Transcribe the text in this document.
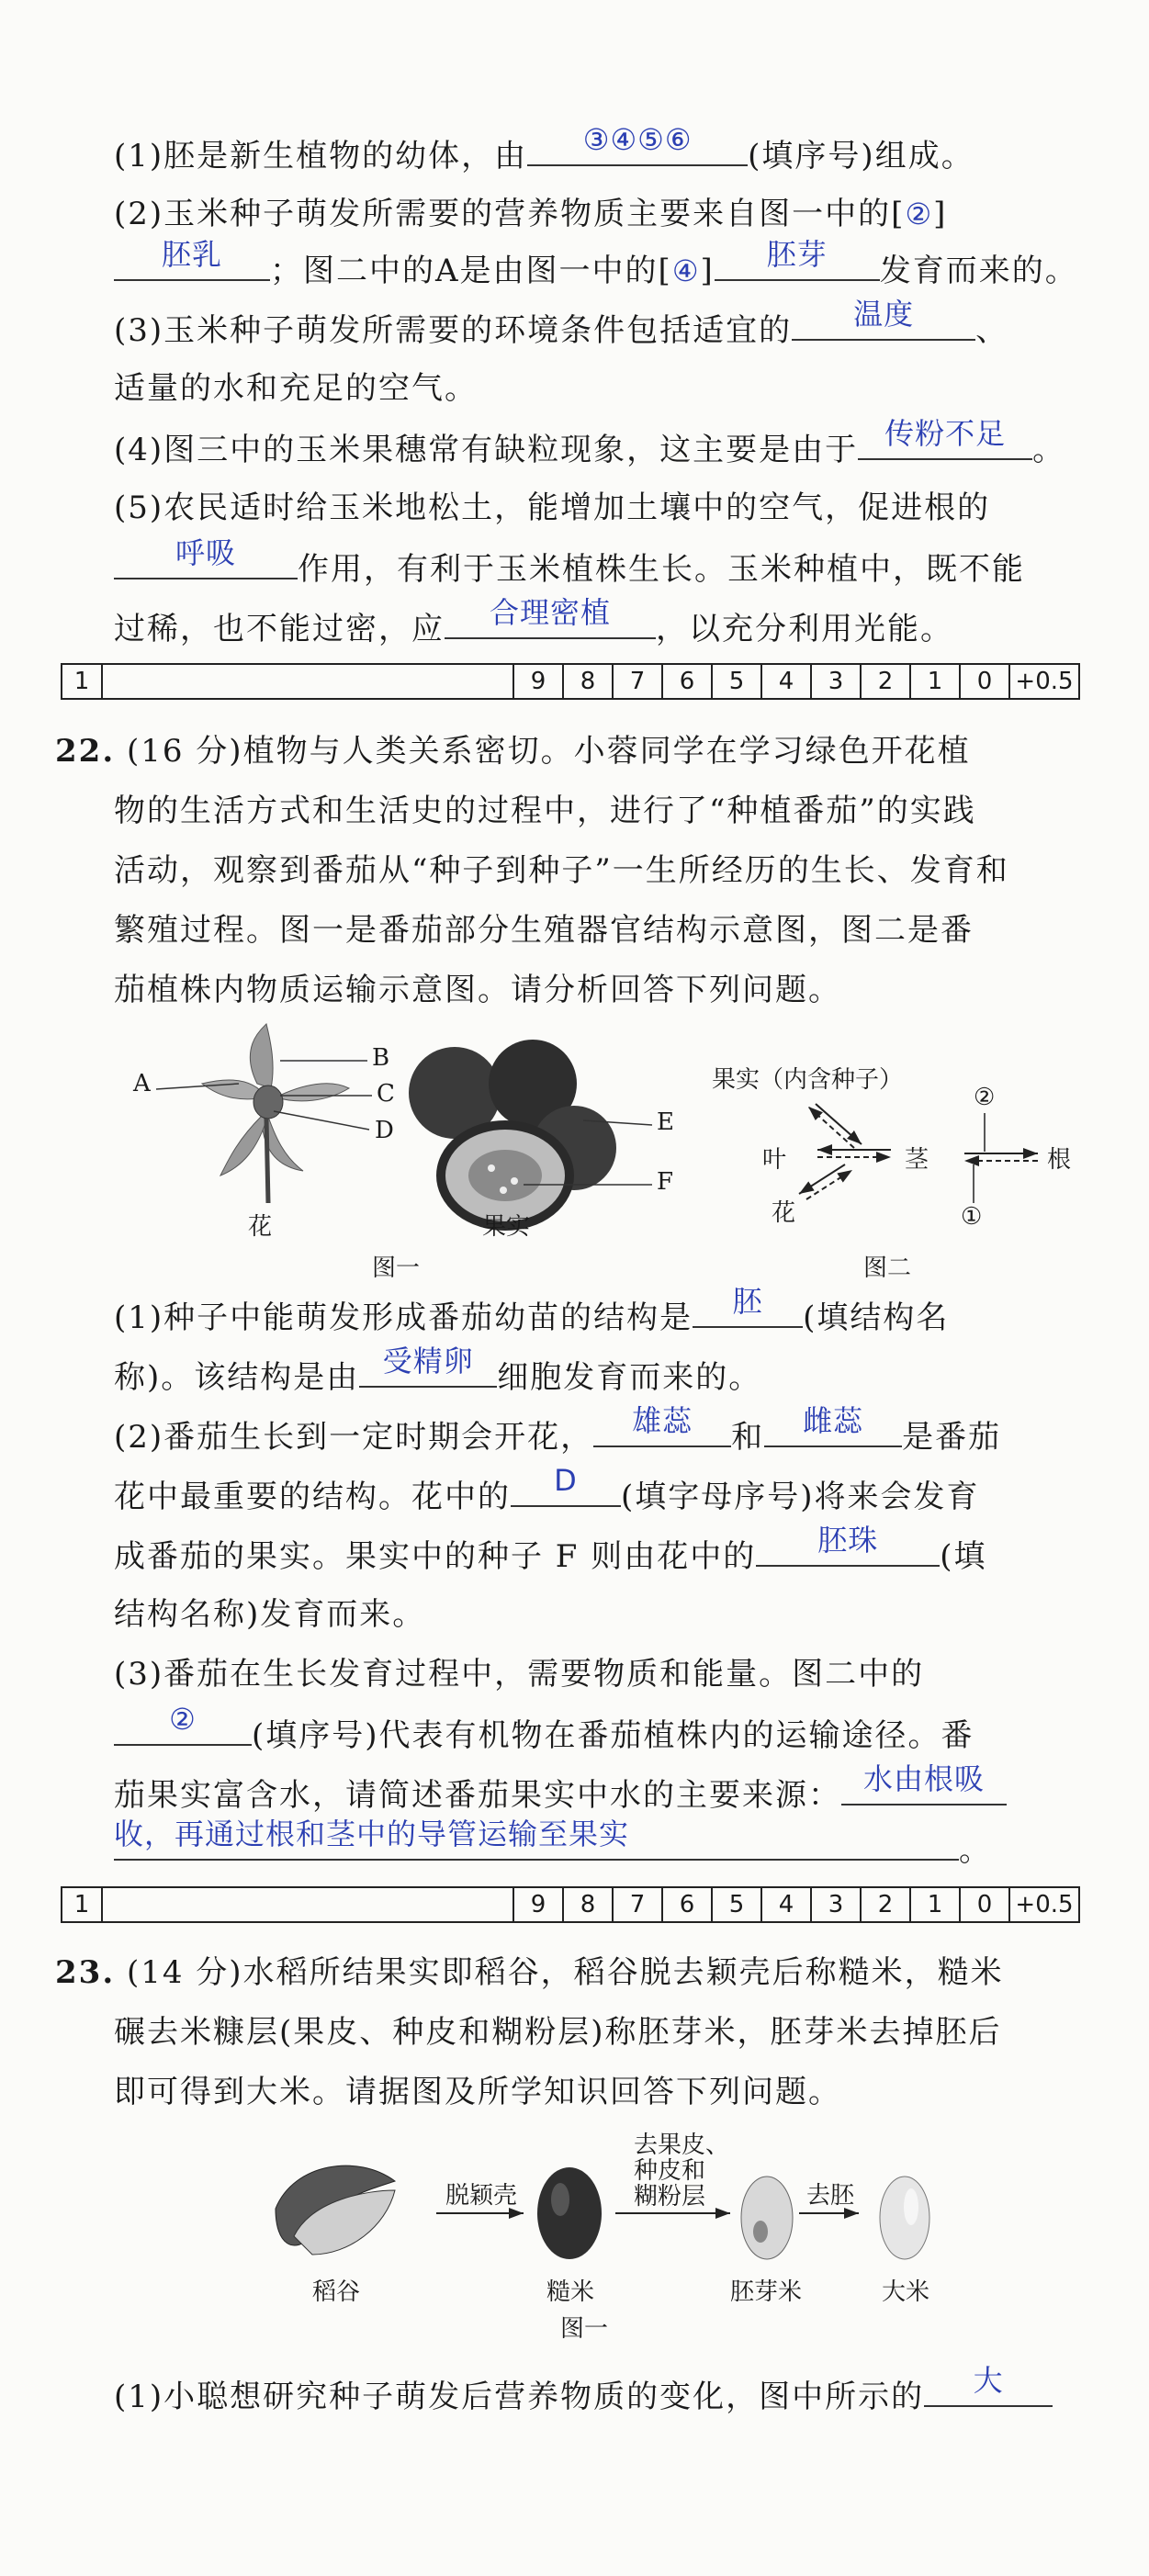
(1)胚是新生植物的幼体，由	③④⑤⑥	(填序号)组成。
(2)玉米种子萌发所需要的营养物质主要来自图一中的[②]
胚乳	；图二中的A是由图一中的[④]	胚芽	发育而来的。
(3)玉米种子萌发所需要的环境条件包括适宜的	温度	、
适量的水和充足的空气。
(4)图三中的玉米果穗常有缺粒现象，这主要是由于 传粉不足 。
(5)农民适时给玉米地松土，能增加土壤中的空气，促进根的
呼吸	作用，有利于玉米植株生长。玉米种植中，既不能
过稀，也不能过密，应	合理密植	，以充分利用光能。
1	9	8	7	6	5	4	3	2	1	0 +0.5
22. (16 分)植物与人类关系密切。小蓉同学在学习绿色开花植
物的生活方式和生活史的过程中，进行了“种植番茄”的实践
活动，观察到番茄从“种子到种子”一生所经历的生长、发育和
繁殖过程。图一是番茄部分生殖器官结构示意图，图二是番
茄植株内物质运输示意图。请分析回答下列问题。
A
B
C
D	E
F
花	果实
图一
果实（内含种子）
叶	茎	根
花
②
①
图二
(1)种子中能萌发形成番茄幼苗的结构是	胚	(填结构名
称)。该结构是由 受精卵 细胞发育而来的。
(2)番茄生长到一定时期会开花，	雄蕊	和	雌蕊	是番茄
花中最重要的结构。花中的	D	(填字母序号)将来会发育
成番茄的果实。果实中的种子 F 则由花中的	胚珠	(填
结构名称)发育而来。
(3)番茄在生长发育过程中，需要物质和能量。图二中的
②	(填序号)代表有机物在番茄植株内的运输途径。番
茄果实富含水，请简述番茄果实中水的主要来源： 水由根吸
收，再通过根和茎中的导管运输至果实	。
1	9	8	7	6	5	4	3	2	1	0 +0.5
23. (14 分)水稻所结果实即稻谷，稻谷脱去颖壳后称糙米，糙米
碾去米糠层(果皮、种皮和糊粉层)称胚芽米，胚芽米去掉胚后
即可得到大米。请据图及所学知识回答下列问题。
脱颖壳
去果皮、
种皮和
糊粉层	去胚
稻谷	糙米	胚芽米	大米
图一
(1)小聪想研究种子萌发后营养物质的变化，图中所示的	大
